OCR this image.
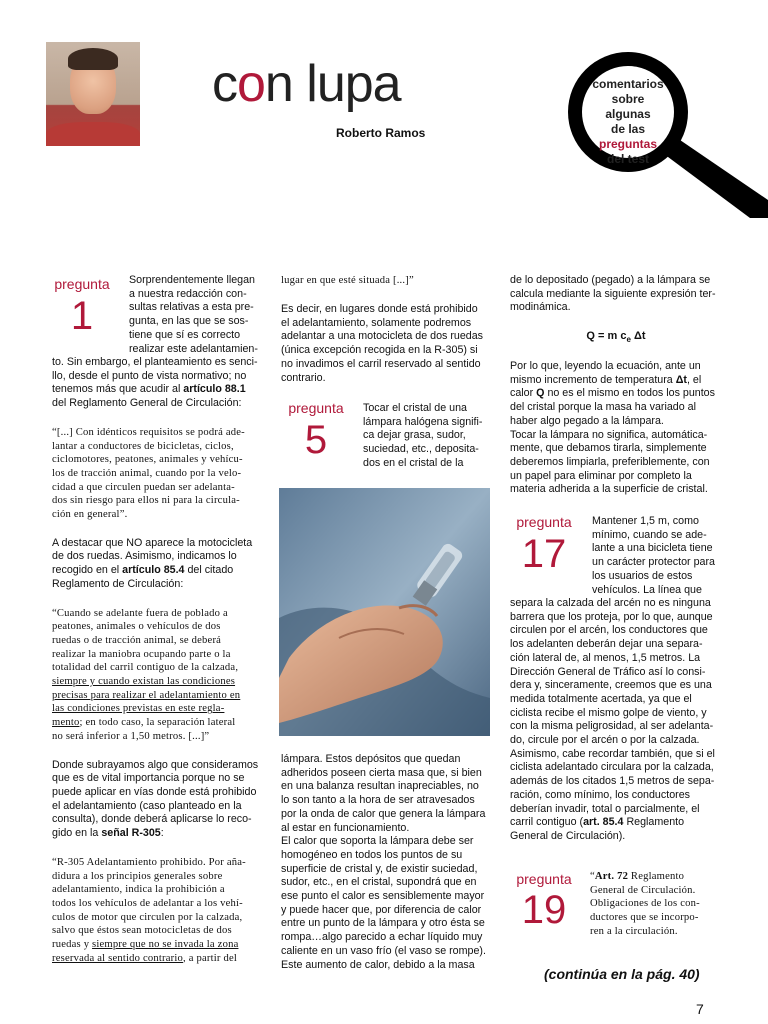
con lupa
Roberto Ramos
comentarios
sobre
algunas
de las
preguntas
del test
pregunta
1
Sorprendentemente llegan
a nuestra redacción con-
sultas relativas a esta pre-
gunta, en las que se sos-
tiene que sí es correcto
realizar este adelantamien-

to. Sin embargo, el planteamiento es senci-
llo, desde el punto de vista normativo; no
tenemos más que acudir al artículo 88.1
del Reglamento General de Circulación:

“[...] Con idénticos requisitos se podrá ade-
lantar a conductores de bicicletas, ciclos,
ciclomotores, peatones, animales y vehícu-
los de tracción animal, cuando por la velo-
cidad a que circulen puedan ser adelanta-
dos sin riesgo para ellos ni para la circula-
ción en general”.

A destacar que NO aparece la motocicleta
de dos ruedas. Asimismo, indicamos lo
recogido en el artículo 85.4 del citado
Reglamento de Circulación:

“Cuando se adelante fuera de poblado a
peatones, animales o vehículos de dos
ruedas o de tracción animal, se deberá
realizar la maniobra ocupando parte o la
totalidad del carril contiguo de la calzada,
siempre y cuando existan las condiciones
precisas para realizar el adelantamiento en
las condiciones previstas en este regla-
mento; en todo caso, la separación lateral
no será inferior a 1,50 metros. [...]”

Donde subrayamos algo que consideramos
que es de vital importancia porque no se
puede aplicar en vías donde está prohibido
el adelantamiento (caso planteado en la
consulta), donde deberá aplicarse lo reco-
gido en la señal R-305:

“R-305 Adelantamiento prohibido. Por aña-
didura a los principios generales sobre
adelantamiento, indica la prohibición a
todos los vehículos de adelantar a los vehí-
culos de motor que circulen por la calzada,
salvo que éstos sean motocicletas de dos
ruedas y siempre que no se invada la zona
reservada al sentido contrario, a partir del

lugar en que esté situada [...]”
Es decir, en lugares donde está prohibido
el adelantamiento, solamente podremos
adelantar a una motocicleta de dos ruedas
(única excepción recogida en la R-305) si
no invadimos el carril reservado al sentido
contrario.
pregunta
5
Tocar el cristal de una
lámpara halógena signifi-
ca dejar grasa, sudor,
suciedad, etc., deposita-
dos en el cristal de la
lámpara. Estos depósitos que quedan
adheridos poseen cierta masa que, si bien
en una balanza resultan inapreciables, no
lo son tanto a la hora de ser atravesados
por la onda de calor que genera la lámpara
al estar en funcionamiento.
El calor que soporta la lámpara debe ser
homogéneo en todos los puntos de su
superficie de cristal y, de existir suciedad,
sudor, etc., en el cristal, supondrá que en
ese punto el calor es sensiblemente mayor
y puede hacer que, por diferencia de calor
entre un punto de la lámpara y otro ésta se
rompa…algo parecido a echar líquido muy
caliente en un vaso frío (el vaso se rompe).
Este aumento de calor, debido a la masa
de lo depositado (pegado) a la lámpara se
calcula mediante la siguiente expresión ter-
modinámica.
Q = m $c_e$ Δt
Por lo que, leyendo la ecuación, ante un
mismo incremento de temperatura Δt, el
calor Q no es el mismo en todos los puntos
del cristal porque la masa ha variado al
haber algo pegado a la lámpara.
Tocar la lámpara no significa, automática-
mente, que debamos tirarla, simplemente
deberemos limpiarla, preferiblemente, con
un papel para eliminar por completo la
materia adherida a la superficie de cristal.
pregunta
17
Mantener 1,5 m, como
mínimo, cuando se ade-
lante a una bicicleta tiene
un carácter protector para
los usuarios de estos
vehículos. La línea que
separa la calzada del arcén no es ninguna
barrera que los proteja, por lo que, aunque
circulen por el arcén, los conductores que
los adelanten deberán dejar una separa-
ción lateral de, al menos, 1,5 metros. La
Dirección General de Tráfico así lo consi-
dera y, sinceramente, creemos que es una
medida totalmente acertada, ya que el
ciclista recibe el mismo golpe de viento, y
con la misma peligrosidad, al ser adelanta-
do, circule por el arcén o por la calzada.
Asimismo, cabe recordar también, que si el
ciclista adelantado circulara por la calzada,
además de los citados 1,5 metros de sepa-
ración, como mínimo, los conductores
deberían invadir, total o parcialmente, el
carril contiguo (art. 85.4 Reglamento
General de Circulación).
pregunta
19
“Art. 72 Reglamento
General de Circulación.
Obligaciones de los con-
ductores que se incorpo-
ren a la circulación.
(continúa en la pág. 40)
7
